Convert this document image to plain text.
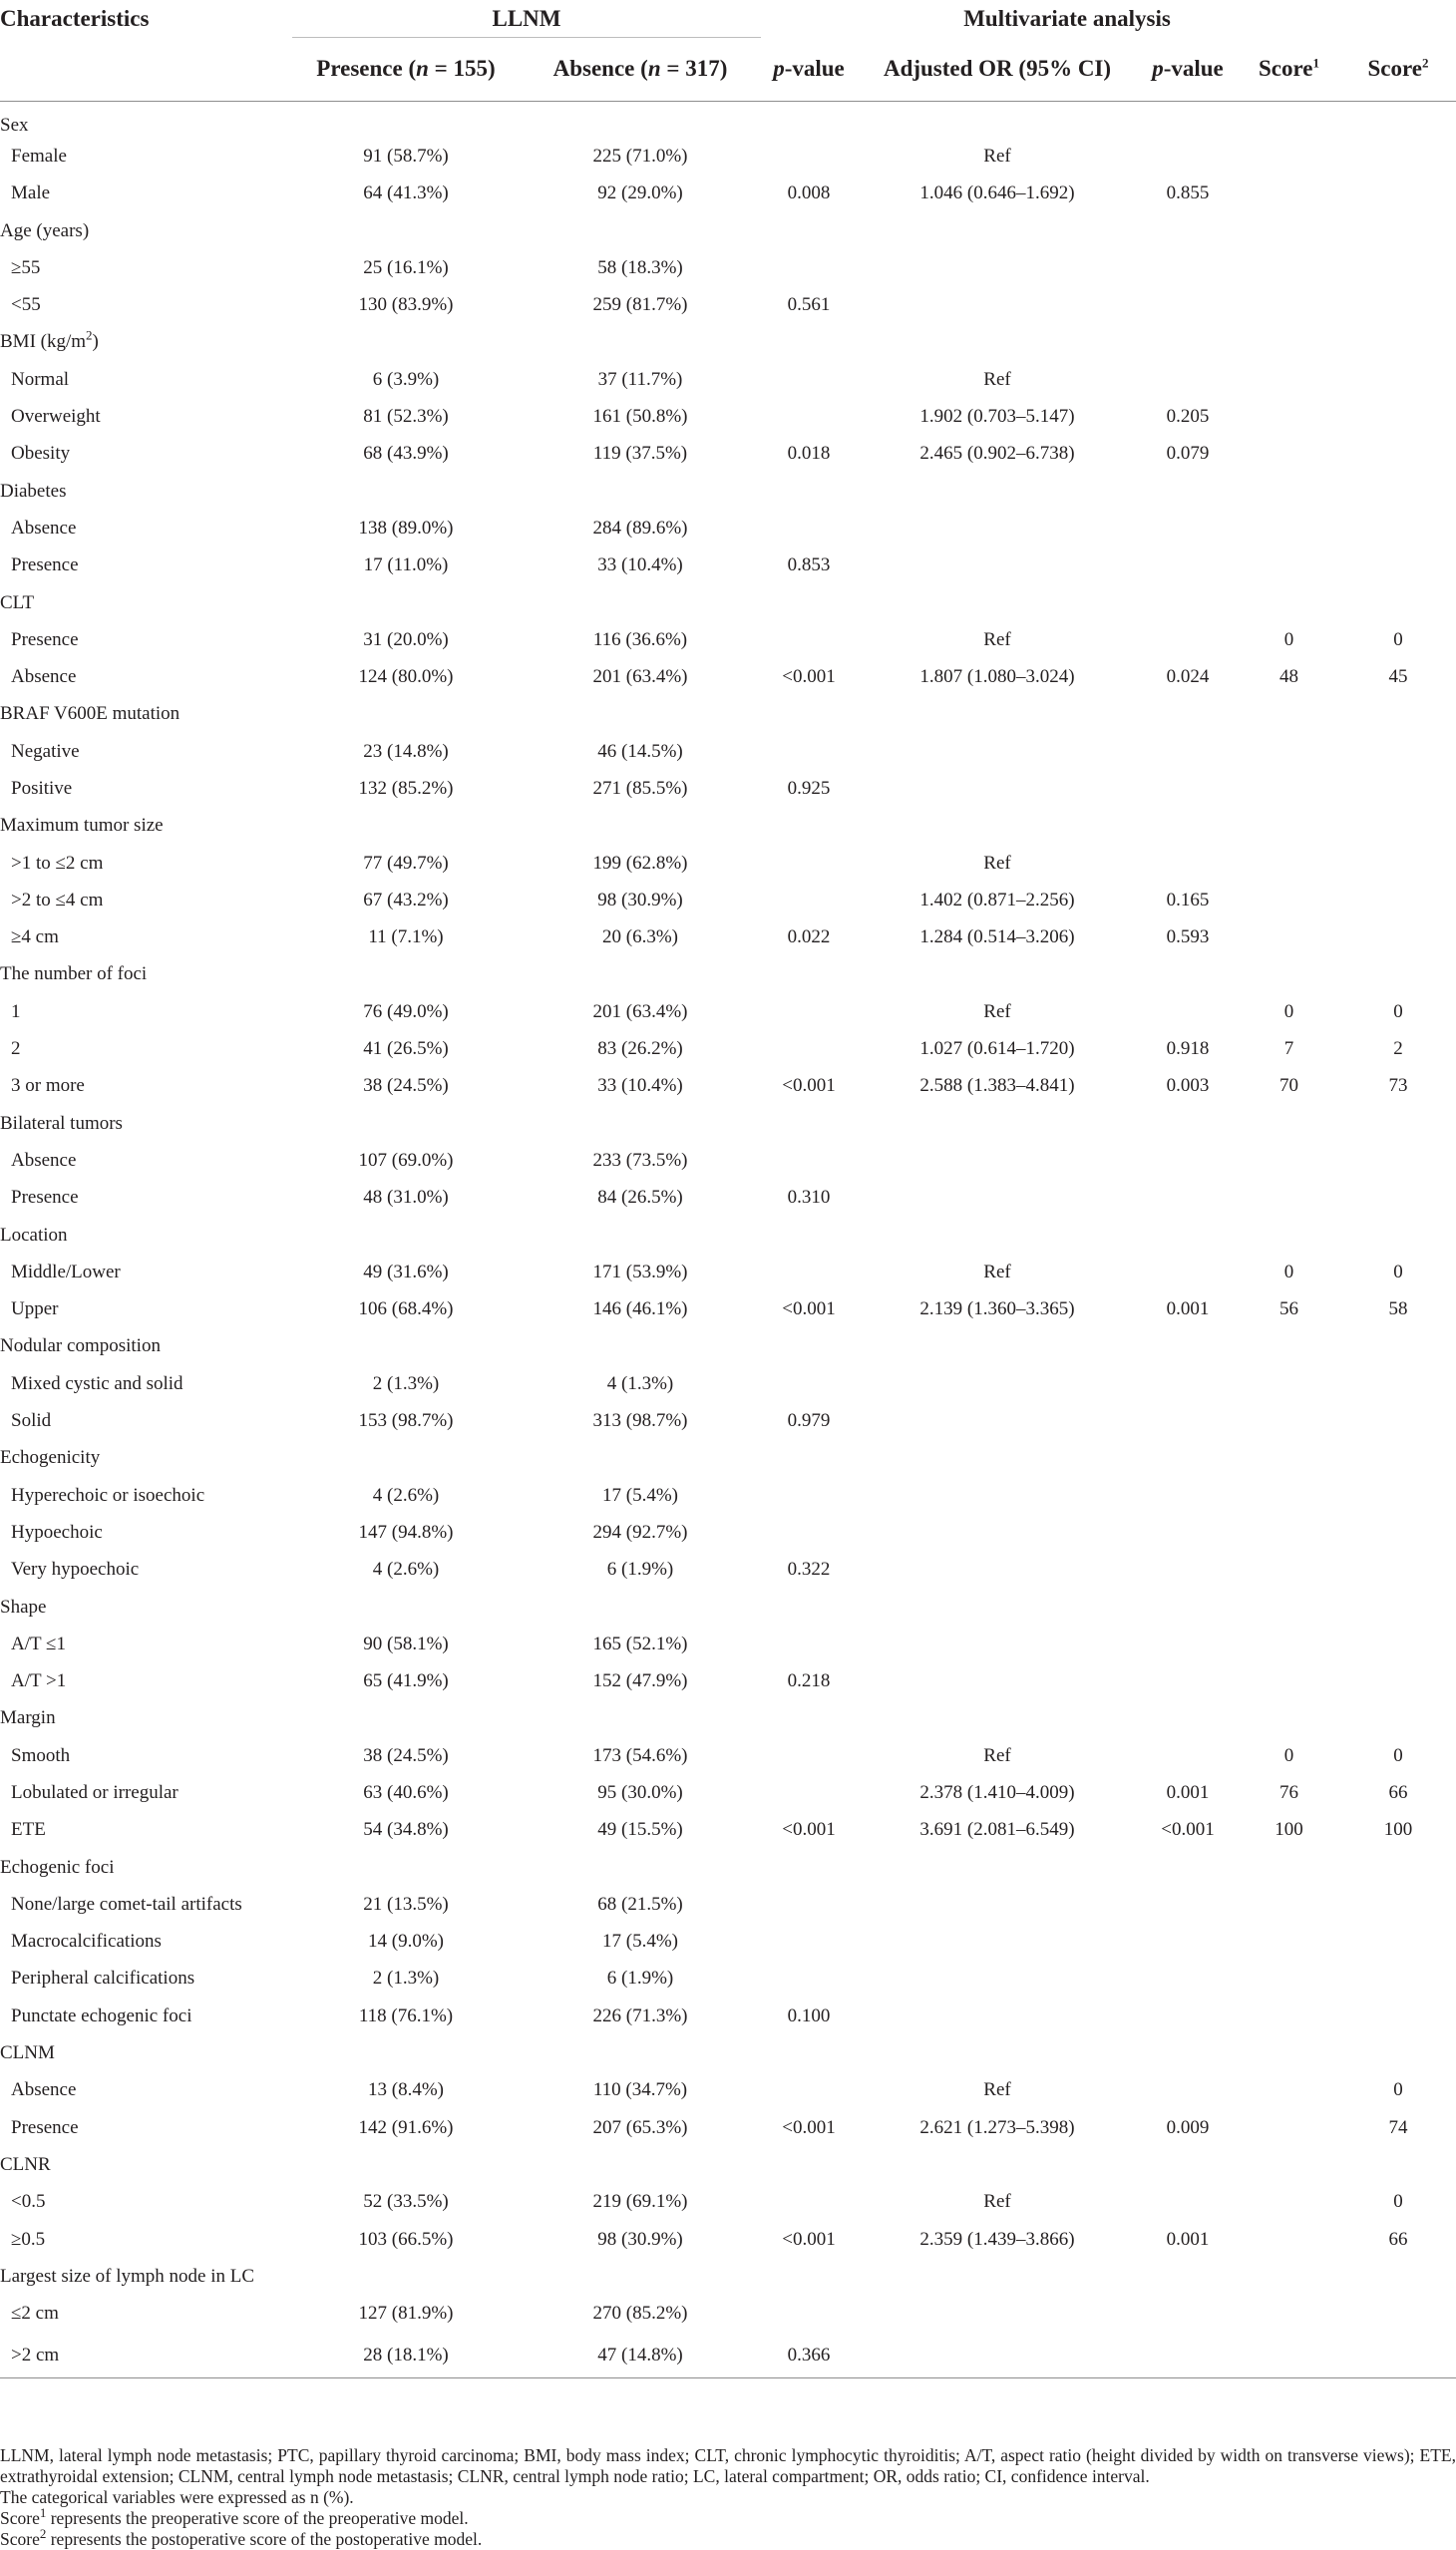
Characteristics	LLNM			Multivariate analysis			
	Presence (n = 155)	Absence (n = 317)	p-value	Adjusted OR (95% CI)	p-value	Score$^1$	Score$^2$
Sex							
Female	91 (58.7%)	225 (71.0%)		Ref			
Male	64 (41.3%)	92 (29.0%)	0.008	1.046 (0.646–1.692)	0.855		
Age (years)							
≥55	25 (16.1%)	58 (18.3%)					
<55	130 (83.9%)	259 (81.7%)	0.561				
BMI $(kg/m^2)$							
Normal	6 (3.9%)	37 (11.7%)		Ref			
Overweight	81 (52.3%)	161 (50.8%)		1.902 (0.703–5.147)	0.205		
Obesity	68 (43.9%)	119 (37.5%)	0.018	2.465 (0.902–6.738)	0.079		
Diabetes							
Absence	138 (89.0%)	284 (89.6%)					
Presence	17 (11.0%)	33 (10.4%)	0.853				
CLT							
Presence	31 (20.0%)	116 (36.6%)		Ref		0	0
Absence	124 (80.0%)	201 (63.4%)	<0.001	1.807 (1.080–3.024)	0.024	48	45
BRAF V600E mutation							
Negative	23 (14.8%)	46 (14.5%)					
Positive	132 (85.2%)	271 (85.5%)	0.925				
Maximum tumor size							
>1 to ≤2 cm	77 (49.7%)	199 (62.8%)		Ref			
>2 to ≤4 cm	67 (43.2%)	98 (30.9%)		1.402 (0.871–2.256)	0.165		
≥4 cm	11 (7.1%)	20 (6.3%)	0.022	1.284 (0.514–3.206)	0.593		
The number of foci							
1	76 (49.0%)	201 (63.4%)		Ref		0	0
2	41 (26.5%)	83 (26.2%)		1.027 (0.614–1.720)	0.918	7	2
3 or more	38 (24.5%)	33 (10.4%)	<0.001	2.588 (1.383–4.841)	0.003	70	73
Bilateral tumors							
Absence	107 (69.0%)	233 (73.5%)					
Presence	48 (31.0%)	84 (26.5%)	0.310				
Location							
Middle/Lower	49 (31.6%)	171 (53.9%)		Ref		0	0
Upper	106 (68.4%)	146 (46.1%)	<0.001	2.139 (1.360–3.365)	0.001	56	58
Nodular composition							
Mixed cystic and solid	2 (1.3%)	4 (1.3%)					
Solid	153 (98.7%)	313 (98.7%)	0.979				
Echogenicity							
Hyperechoic or isoechoic	4 (2.6%)	17 (5.4%)					
Hypoechoic	147 (94.8%)	294 (92.7%)					
Very hypoechoic	4 (2.6%)	6 (1.9%)	0.322				
Shape							
A/T ≤1	90 (58.1%)	165 (52.1%)					
A/T >1	65 (41.9%)	152 (47.9%)	0.218				
Margin							
Smooth	38 (24.5%)	173 (54.6%)		Ref		0	0
Lobulated or irregular	63 (40.6%)	95 (30.0%)		2.378 (1.410–4.009)	0.001	76	66
ETE	54 (34.8%)	49 (15.5%)	<0.001	3.691 (2.081–6.549)	<0.001	100	100
Echogenic foci							
None/large comet-tail artifacts	21 (13.5%)	68 (21.5%)					
Macrocalcifications	14 (9.0%)	17 (5.4%)					
Peripheral calcifications	2 (1.3%)	6 (1.9%)					
Punctate echogenic foci	118 (76.1%)	226 (71.3%)	0.100				
CLNM							
Absence	13 (8.4%)	110 (34.7%)		Ref			0
Presence	142 (91.6%)	207 (65.3%)	<0.001	2.621 (1.273–5.398)	0.009		74
CLNR							
<0.5	52 (33.5%)	219 (69.1%)		Ref			0
≥0.5	103 (66.5%)	98 (30.9%)	<0.001	2.359 (1.439–3.866)	0.001		66
Largest size of lymph node in LC							
≤2 cm	127 (81.9%)	270 (85.2%)					
>2 cm	28 (18.1%)	47 (14.8%)	0.366				

LLNM, lateral lymph node metastasis; PTC, papillary thyroid carcinoma; BMI, body mass index; CLT, chronic lymphocytic thyroiditis; A/T, aspect ratio (height divided by width on transverse views); ETE, extrathyroidal extension; CLNM, central lymph node metastasis; CLNR, central lymph node ratio; LC, lateral compartment; OR, odds ratio; CI, confidence interval.

The categorical variables were expressed as n (%).

Score$^1$ represents the preoperative score of the preoperative model.

Score$^2$ represents the postoperative score of the postoperative model.
